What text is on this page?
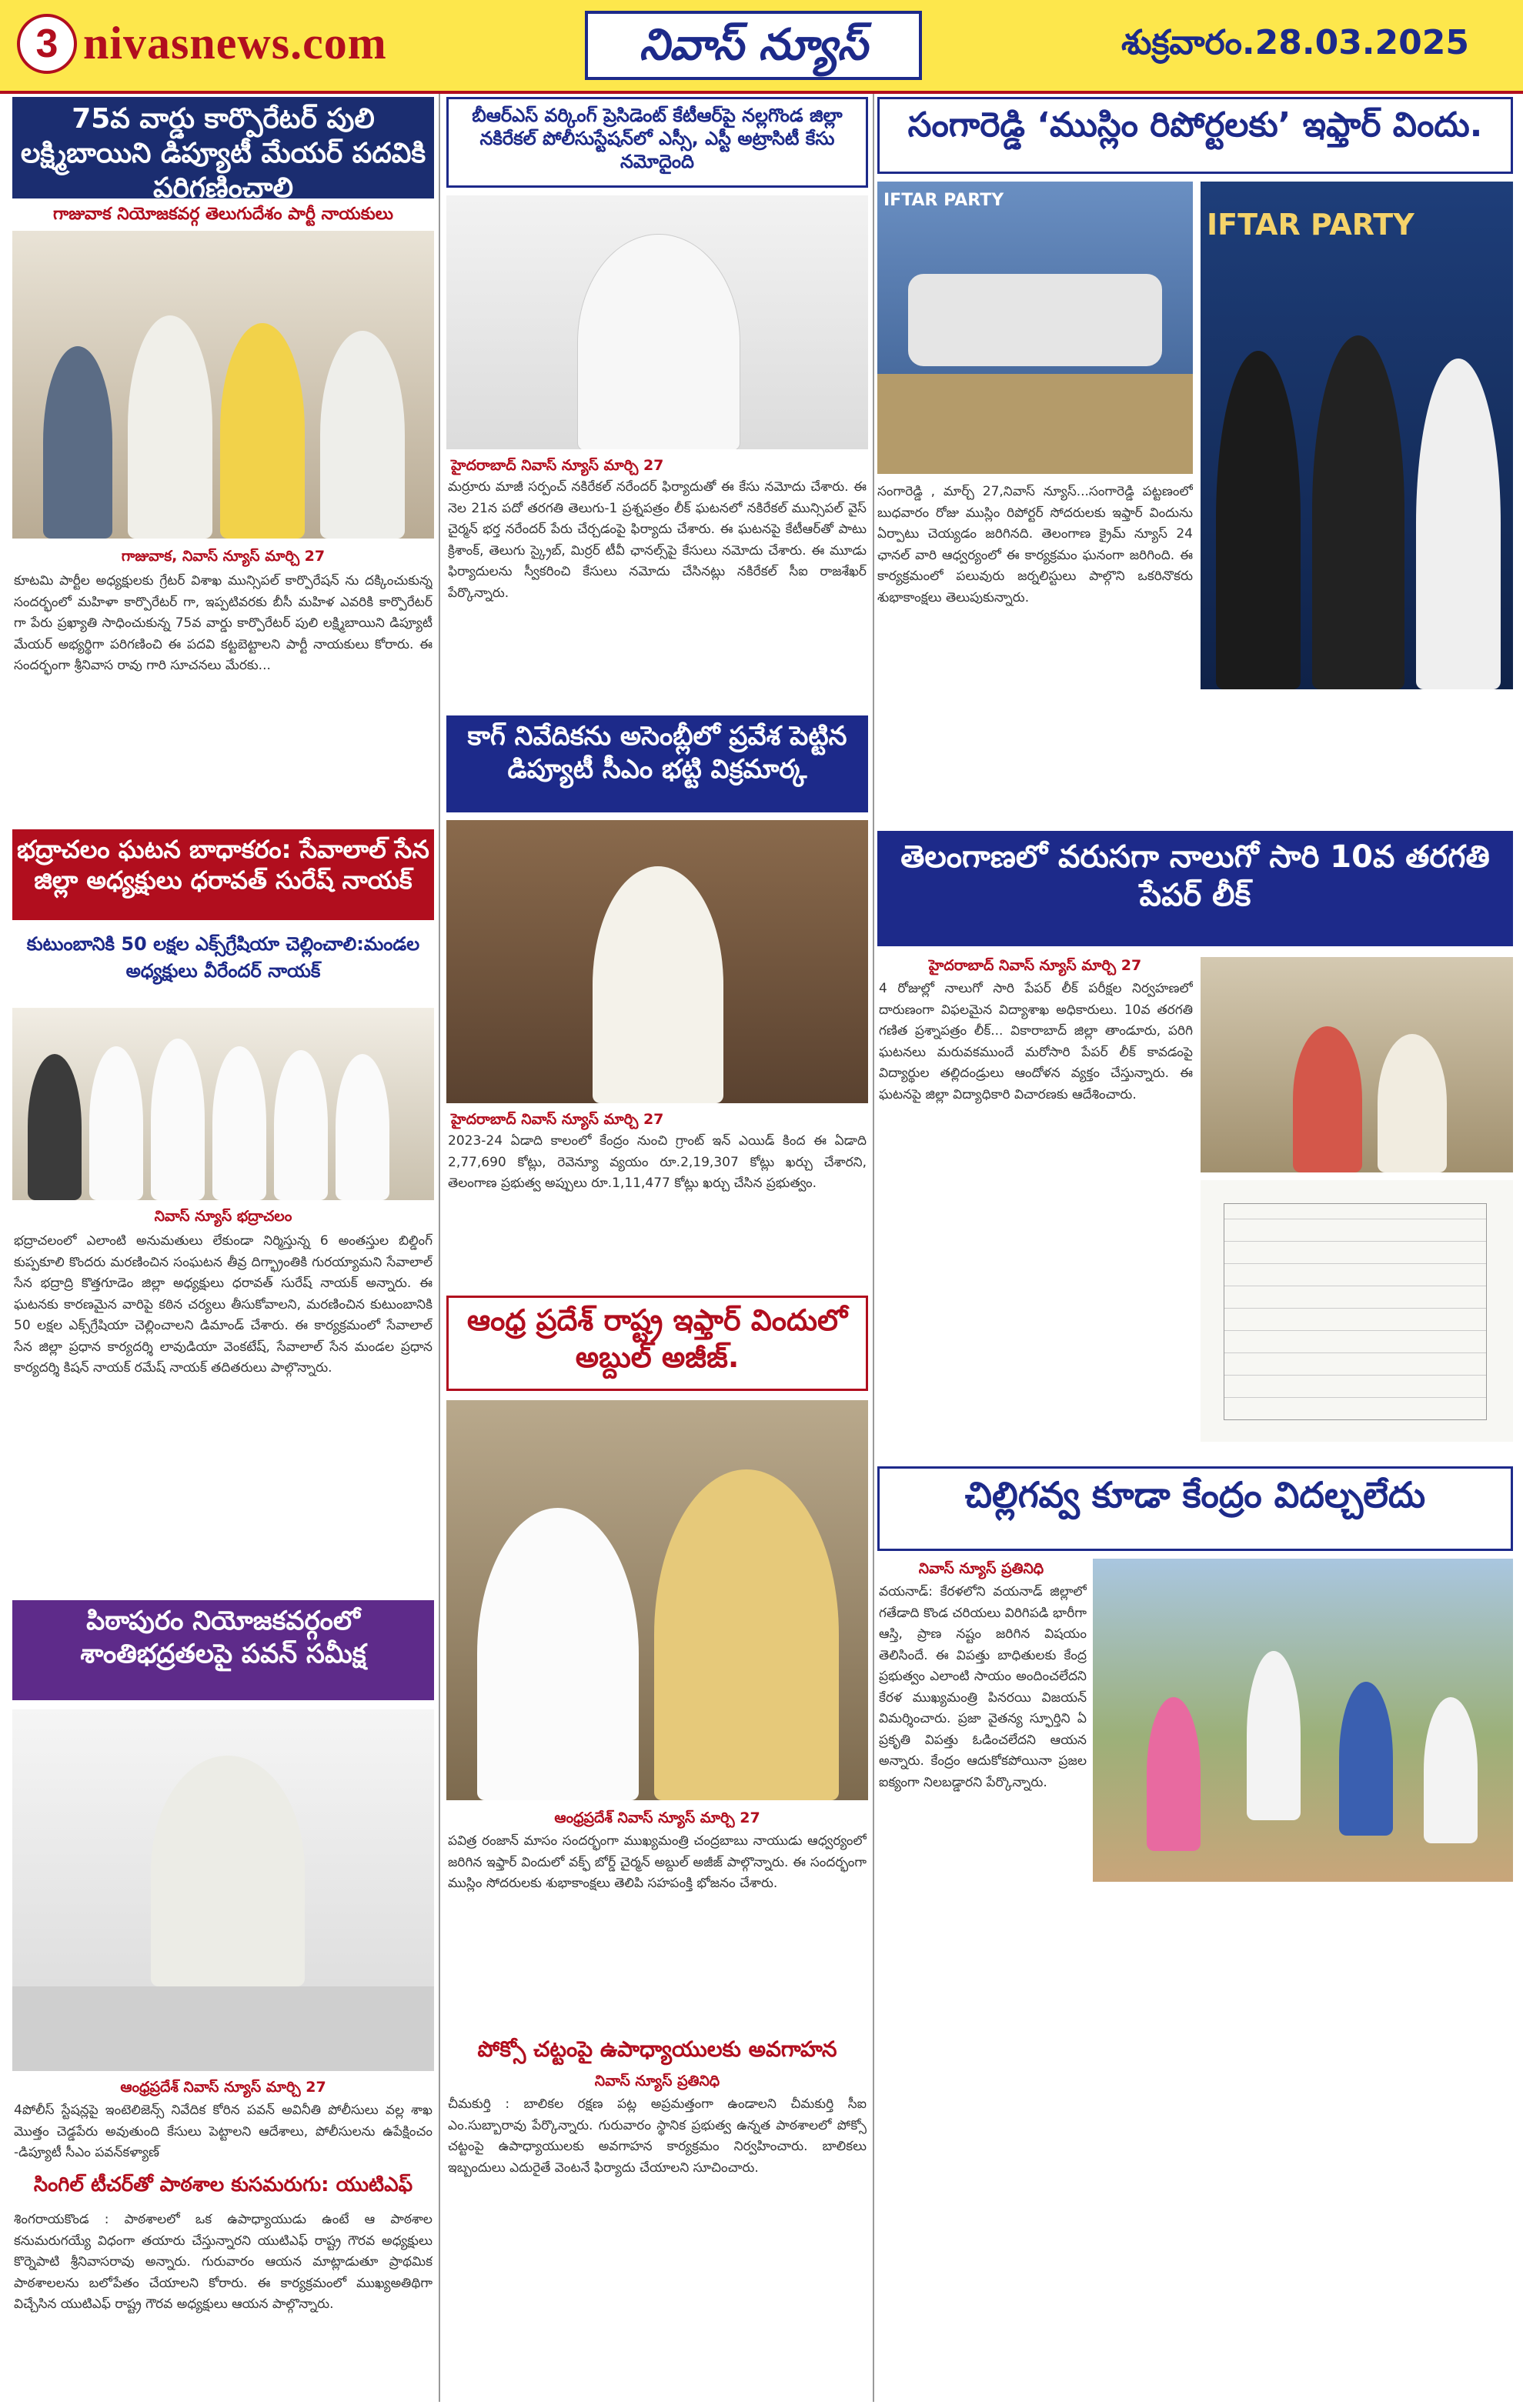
3 nivasnews.com	నివాస్ న్యూస్	శుక్రవారం.28.03.2025
75వ వార్డు కార్పొరేటర్ పులి లక్ష్మిబాయిని డిప్యూటీ మేయర్ పదవికి పరిగణించాలి
గాజువాక నియోజకవర్గ తెలుగుదేశం పార్టీ నాయకులు
గాజువాక, నివాస్ న్యూస్ మార్చి 27
కూటమి పార్టీల అధ్యక్షులకు గ్రేటర్ విశాఖ మున్సిపల్ కార్పొరేషన్ ను దక్కించుకున్న సందర్భంలో మహిళా కార్పొరేటర్ గా, ఇప్పటివరకు బీసీ మహిళ ఎవరికి కార్పొరేటర్ గా పేరు ప్రఖ్యాతి సాధించుకున్న 75వ వార్డు కార్పొరేటర్ పులి లక్ష్మిబాయిని డిప్యూటీ మేయర్ అభ్యర్థిగా పరిగణించి ఈ పదవి కట్టబెట్టాలని పార్టీ నాయకులు కోరారు. ఈ సందర్భంగా శ్రీనివాస రావు గారి సూచనలు మేరకు...
భద్రాచలం ఘటన బాధాకరం: సేవాలాల్ సేన జిల్లా అధ్యక్షులు ధరావత్ సురేష్ నాయక్
కుటుంబానికి 50 లక్షల ఎక్స్‌గ్రేషియా చెల్లించాలి:మండల అధ్యక్షులు వీరేందర్ నాయక్
నివాస్ న్యూస్ భద్రాచలం
భద్రాచలంలో ఎలాంటి అనుమతులు లేకుండా నిర్మిస్తున్న 6 అంతస్తుల బిల్డింగ్ కుప్పకూలి కొందరు మరణించిన సంఘటన తీవ్ర దిగ్భ్రాంతికి గురయ్యామని సేవాలాల్ సేన భద్రాద్రి కొత్తగూడెం జిల్లా అధ్యక్షులు ధరావత్ సురేష్ నాయక్ అన్నారు. ఈ ఘటనకు కారణమైన వారిపై కఠిన చర్యలు తీసుకోవాలని, మరణించిన కుటుంబానికి 50 లక్షల ఎక్స్‌గ్రేషియా చెల్లించాలని డిమాండ్ చేశారు. ఈ కార్యక్రమంలో సేవాలాల్ సేన జిల్లా ప్రధాన కార్యదర్శి లావుడియా వెంకటేష్, సేవాలాల్ సేన మండల ప్రధాన కార్యదర్శి కిషన్ నాయక్ రమేష్ నాయక్ తదితరులు పాల్గొన్నారు.
పిఠాపురం నియోజకవర్గంలో శాంతిభద్రతలపై పవన్ సమీక్ష
ఆంధ్రప్రదేశ్ నివాస్ న్యూస్ మార్చి 27
4పోలీస్ స్టేషన్లపై ఇంటెలిజెన్స్ నివేదిక కోరిన పవన్ అవినీతి పోలీసులు వల్ల శాఖ మొత్తం చెడ్డపేరు అవుతుంది కేసులు పెట్టాలని ఆదేశాలు, పోలీసులను ఉపేక్షించం -డిప్యూటీ సీఎం పవన్‌కళ్యాణ్
సింగిల్ టీచర్‌తో పాఠశాల కుసమరుగు: యుటిఎఫ్
శింగరాయకొండ : పాఠశాలలో ఒక ఉపాధ్యాయుడు ఉంటే ఆ పాఠశాల కనుమరుగయ్యే విధంగా తయారు చేస్తున్నారని యుటిఎఫ్ రాష్ట్ర గౌరవ అధ్యక్షులు కొర్నెపాటి శ్రీనివాసరావు అన్నారు. గురువారం ఆయన మాట్లాడుతూ ప్రాథమిక పాఠశాలలను బలోపేతం చేయాలని కోరారు. ఈ కార్యక్రమంలో ముఖ్యఅతిథిగా విచ్చేసిన యుటిఎఫ్ రాష్ట్ర గౌరవ అధ్యక్షులు ఆయన పాల్గొన్నారు.
బీఆర్ఎస్ వర్కింగ్ ప్రెసిడెంట్ కేటీఆర్‌పై నల్లగొండ జిల్లా నకిరేకల్ పోలీసుస్టేషన్‌లో ఎస్సీ, ఎస్టీ అట్రాసిటీ కేసు నమోదైంది
హైదరాబాద్ నివాస్ న్యూస్ మార్చి 27
మర్రూరు మాజీ సర్పంచ్ నకిరేకల్ నరేందర్ ఫిర్యాదుతో ఈ కేసు నమోదు చేశారు. ఈ నెల 21న పదో తరగతి తెలుగు-1 ప్రశ్నపత్రం లీక్ ఘటనలో నకిరేకల్ మున్సిపల్ వైస్ చైర్మన్ భర్త నరేందర్ పేరు చేర్చడంపై ఫిర్యాదు చేశారు. ఈ ఘటనపై కేటీఆర్‌తో పాటు క్రిశాంక్, తెలుగు స్క్రైబ్, మిర్రర్ టీవీ ఛానల్స్‌పై కేసులు నమోదు చేశారు. ఈ మూడు ఫిర్యాదులను స్వీకరించి కేసులు నమోదు చేసినట్లు నకిరేకల్ సీఐ రాజశేఖర్ పేర్కొన్నారు.
కాగ్ నివేదికను అసెంబ్లీలో ప్రవేశ పెట్టిన డిప్యూటీ సీఎం భట్టి విక్రమార్క
హైదరాబాద్ నివాస్ న్యూస్ మార్చి 27
2023-24 ఏడాది కాలంలో కేంద్రం నుంచి గ్రాంట్ ఇన్ ఎయిడ్ కింద ఈ ఏడాది 2,77,690 కోట్లు, రెవెన్యూ వ్యయం రూ.2,19,307 కోట్లు ఖర్చు చేశారని, తెలంగాణ ప్రభుత్వ అప్పులు రూ.1,11,477 కోట్లు ఖర్చు చేసిన ప్రభుత్వం.
ఆంధ్ర ప్రదేశ్ రాష్ట్ర ఇఫ్తార్ విందులో అబ్దుల్ అజీజ్.
ఆంధ్రప్రదేశ్ నివాస్ న్యూస్ మార్చి 27
పవిత్ర రంజాన్ మాసం సందర్భంగా ముఖ్యమంత్రి చంద్రబాబు నాయుడు ఆధ్వర్యంలో జరిగిన ఇఫ్తార్ విందులో వక్ఫ్ బోర్డ్ చైర్మన్ అబ్దుల్ అజీజ్ పాల్గొన్నారు. ఈ సందర్భంగా ముస్లిం సోదరులకు శుభాకాంక్షలు తెలిపి సహపంక్తి భోజనం చేశారు.
పోక్సో చట్టంపై ఉపాధ్యాయులకు అవగాహన
నివాస్ న్యూస్ ప్రతినిధి
చీమకుర్తి : బాలికల రక్షణ పట్ల అప్రమత్తంగా ఉండాలని చీమకుర్తి సీఐ ఎం.సుబ్బారావు పేర్కొన్నారు. గురువారం స్థానిక ప్రభుత్వ ఉన్నత పాఠశాలలో పోక్సో చట్టంపై ఉపాధ్యాయులకు అవగాహన కార్యక్రమం నిర్వహించారు. బాలికలు ఇబ్బందులు ఎదురైతే వెంటనే ఫిర్యాదు చేయాలని సూచించారు.
సంగారెడ్డి ‘ముస్లిం రిపోర్టలకు’ ఇఫ్తార్ విందు.
IFTAR PARTY
సంగారెడ్డి , మార్చ్ 27,నివాస్ న్యూస్...సంగారెడ్డి పట్టణంలో బుధవారం రోజు ముస్లిం రిపోర్టర్ సోదరులకు ఇఫ్తార్ విందును ఏర్పాటు చెయ్యడం జరిగినది. తెలంగాణ క్రైమ్ న్యూస్ 24 ఛానల్ వారి ఆధ్వర్యంలో ఈ కార్యక్రమం ఘనంగా జరిగింది. ఈ కార్యక్రమంలో పలువురు జర్నలిస్టులు పాల్గొని ఒకరినొకరు శుభాకాంక్షలు తెలుపుకున్నారు.
IFTAR PARTY
తెలంగాణలో వరుసగా నాలుగో సారి 10వ తరగతి పేపర్ లీక్
హైదరాబాద్ నివాస్ న్యూస్ మార్చి 27
4 రోజుల్లో నాలుగో సారి పేపర్ లీక్ పరీక్షల నిర్వహణలో దారుణంగా విఫలమైన విద్యాశాఖ అధికారులు. 10వ తరగతి గణిత ప్రశ్నాపత్రం లీక్... వికారాబాద్ జిల్లా తాండూరు, పరిగి ఘటనలు మరువకముందే మరోసారి పేపర్ లీక్ కావడంపై విద్యార్థుల తల్లిదండ్రులు ఆందోళన వ్యక్తం చేస్తున్నారు. ఈ ఘటనపై జిల్లా విద్యాధికారి విచారణకు ఆదేశించారు.
చిల్లిగవ్వ కూడా కేంద్రం విదల్చలేదు
నివాస్ న్యూస్ ప్రతినిధి
వయనాడ్: కేరళలోని వయనాడ్ జిల్లాలో గతేడాది కొండ చరియలు విరిగిపడి భారీగా ఆస్తి, ప్రాణ నష్టం జరిగిన విషయం తెలిసిందే. ఈ విపత్తు బాధితులకు కేంద్ర ప్రభుత్వం ఎలాంటి సాయం అందించలేదని కేరళ ముఖ్యమంత్రి పినరయి విజయన్ విమర్శించారు. ప్రజా వైతన్య స్ఫూర్తిని ఏ ప్రకృతి విపత్తు ఓడించలేదని ఆయన అన్నారు. కేంద్రం ఆదుకోకపోయినా ప్రజల ఐక్యంగా నిలబడ్డారని పేర్కొన్నారు.
